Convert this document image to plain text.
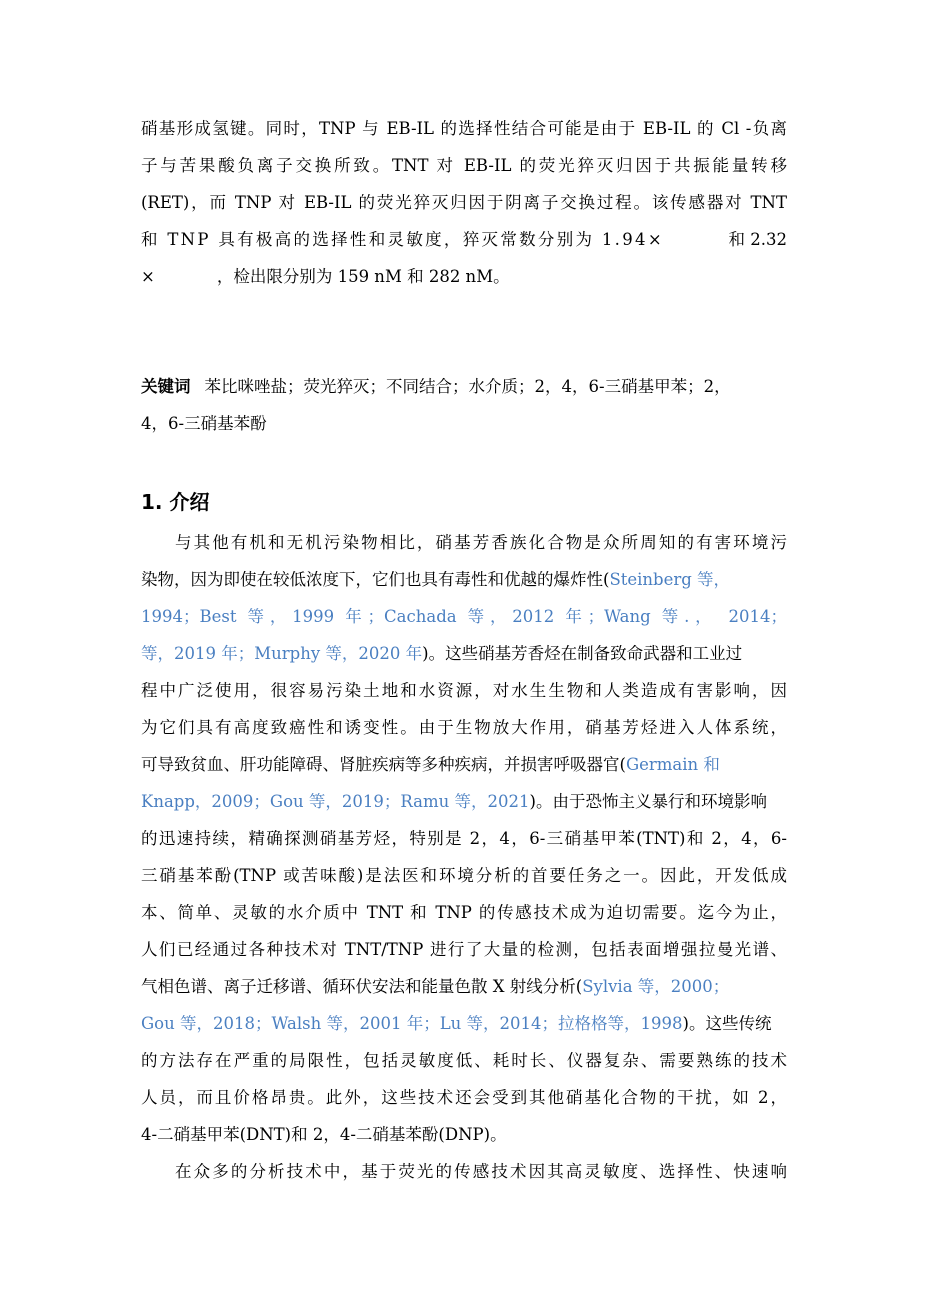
硝基形成氢键。同时，TNP 与 EB-IL 的选择性结合可能是由于 EB-IL 的 Cl -负离
子与苦果酸负离子交换所致。TNT 对 EB-IL 的荧光猝灭归因于共振能量转移
(RET)，而 TNP 对 EB-IL 的荧光猝灭归因于阴离子交换过程。该传感器对 TNT
和 TNP 具有极高的选择性和灵敏度，猝灭常数分别为 1.94×	和 2.32
×	，检出限分别为 159 nM 和 282 nM。
关键词 苯比咪唑盐；荧光猝灭；不同结合；水介质；2，4，6-三硝基甲苯；2，
4，6-三硝基苯酚
1. 介绍
与其他有机和无机污染物相比，硝基芳香族化合物是众所周知的有害环境污
染物，因为即使在较低浓度下，它们也具有毒性和优越的爆炸性(Steinberg 等，
1994；Best 等，1999 年；Cachada 等，2012 年；Wang 等.， 2014；
等，2019 年；Murphy 等，2020 年)。这些硝基芳香烃在制备致命武器和工业过
程中广泛使用，很容易污染土地和水资源，对水生生物和人类造成有害影响，因
为它们具有高度致癌性和诱变性。由于生物放大作用，硝基芳烃进入人体系统，
可导致贫血、肝功能障碍、肾脏疾病等多种疾病，并损害呼吸器官(Germain 和
Knapp，2009；Gou 等，2019；Ramu 等，2021)。由于恐怖主义暴行和环境影响
的迅速持续，精确探测硝基芳烃，特别是 2，4，6-三硝基甲苯(TNT)和 2，4，6-
三硝基苯酚(TNP 或苦味酸)是法医和环境分析的首要任务之一。因此，开发低成
本、简单、灵敏的水介质中 TNT 和 TNP 的传感技术成为迫切需要。迄今为止，
人们已经通过各种技术对 TNT/TNP 进行了大量的检测，包括表面增强拉曼光谱、
气相色谱、离子迁移谱、循环伏安法和能量色散 X 射线分析(Sylvia 等，2000；
Gou 等，2018；Walsh 等，2001 年；Lu 等，2014；拉格格等，1998)。这些传统
的方法存在严重的局限性，包括灵敏度低、耗时长、仪器复杂、需要熟练的技术
人员，而且价格昂贵。此外，这些技术还会受到其他硝基化合物的干扰，如 2，
4-二硝基甲苯(DNT)和 2，4-二硝基苯酚(DNP)。
在众多的分析技术中，基于荧光的传感技术因其高灵敏度、选择性、快速响
